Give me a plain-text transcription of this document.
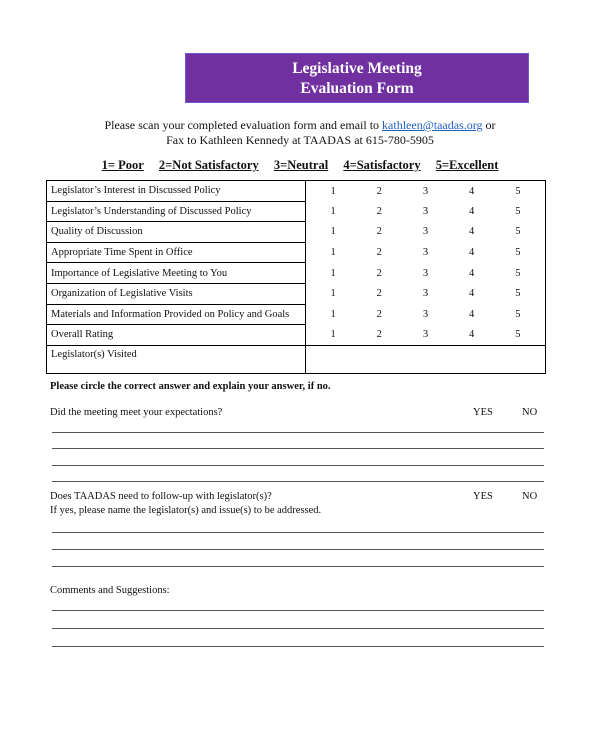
Legislative Meeting
Evaluation Form
Please scan your completed evaluation form and email to kathleen@taadas.org or
Fax to Kathleen Kennedy at TAADAS at 615-780-5905
1= Poor 2=Not Satisfactory 3=Neutral 4=Satisfactory 5=Excellent
Legislator’s Interest in Discussed Policy	1 2 3 4 5

Legislator’s Understanding of Discussed Policy	1 2 3 4 5

Quality of Discussion	1 2 3 4 5

Appropriate Time Spent in Office	1 2 3 4 5

Importance of Legislative Meeting to You	1 2 3 4 5

Organization of Legislative Visits	1 2 3 4 5

Materials and Information Provided on Policy and Goals	1 2 3 4 5

Overall Rating	1 2 3 4 5

Legislator(s) Visited	
Please circle the correct answer and explain your answer, if no.
Did the meeting meet your expectations?	YES	NO
Does TAADAS need to follow-up with legislator(s)?
If yes, please name the legislator(s) and issue(s) to be addressed.
YES	NO
Comments and Suggestions:
